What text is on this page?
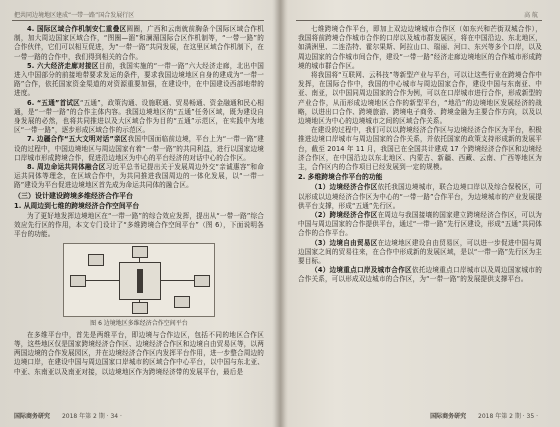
把共同边境地区建成“一带一路”国合发展行区

4. 国际区域合作机制安仁重叠区圆圈，广西和云南就前胸条个国际区域合作机制，加大周边国家区域合作，“图圈—湄”和澜湄国际合区作机制等，“一带一路”的合作伙伴，它们可以相互促进，为“一带一路”共同发展，在这里区域合作机制下，在一带一路的合作中，我们得到相关的合作。

5. 六大经济走廊对接区目前，我国实施的“一带一路”六大经济走廊，北出中国进入中国部分的前接地带要求发运的条件，要求我国边境地区自身的建成为“一带一路”合作，依托国家资金渠道的对资源重要加强，在建设中，在中国建设西部地带的进度。

6. “五通”首试区“五通”，政策沟通、设施联通、贸易畅通、资金融通和民心相通，是“一带一路”的合作主体内容。我国边境地区的“五通”任务区域，既为建设自身发展的必然，也将共同推进以及大区域合作为目的“五通”示范区，在实践中为地区“一带一路”，逐步形成区域合作的示范区。

7. 边疆合作“五大文明对话”亲区我国中国面临前边境，平台上为“一带一路”建设的过程中，中国边境地区与周边国家有着“一带一路”的共同利益，进行以国家边境口岸城市形成跨境合作，促进沿边地区为中心的平台经济的对话中心的合作区。

8. 周边命运共同体融合区习近平总书记提出关于发展周边外交“亲诚惠容”和命运共同体等理念，在区域合作中，为共同推进我国周边的一体化发展，以“一带一路”建设为平台促进边境地区首先成为命运共同体的融合区。

（三）设计建设跨境多维经济合作平台
1. 从周边到七维的跨境经济合作空间平台

为了更好地发挥边境地区在“一带一路”的综合效应发挥，提出从“一带一路”综合效应先行区的作用，本文专门设计了“多维跨境合作空间平台”（图 6），下面说明各平台的功能。

图 6 边境地区多维经济合作空间平台

在多维平台中，首先是两维平台，即边境与合作边区，包括不同的地区合作区等，这些地区仅是国家跨境经济合作区、边境经济合作区和边境自由贸易区等，以两两国边境的合作发展园区，并在边境经济合作区内发挥平台作用，进一步整合周边的边境口岸，在建设中国与周边国家口岸城市的区域合作中心平台，以中国与东北亚、中亚、东南亚以及南亚对接，以边境地区作为跨境经济带的发展平台，最后是

国际商务研究 2018 年第 2 期 · 34 ·
高 航

七维跨境合作平台，即加上双边边境城市合作区（如东兴和芒街双城合作），我国将前跨境合作城市合作的口岸以及城市群发展区，将在中国沿边、东北地区，如满洲里、二连浩特、霍尔果斯、阿拉山口、瑞丽、河口、东兴等多个口岸，以及周边国家的合作城市间合作，建设“一带一路”经济走廊边境地区的合作城市形成跨境的城市群合作区。

将我国将“互联网、云科技”等新型产业与平台，可以让这些行业在跨境合作中发挥，在国际合作中，我国的中心城市与周边国家合作，建设中国与东南亚、中亚、南亚，以中国同周边国家的合作为例，可以在口岸城市进行合作，形成新型的产业合作，从而形成边境地区合作的新型平台，“地沿”的边境地区发展经济的战略，以进出口合作、跨境旅游、跨境电子商务、跨境金融为主要合作方向，以及以边境地区为中心的边境城市之间的区域合作关系。

在建设的过程中，我们可以以跨境经济合作区与边境经济合作区为平台，积极推进边境口岸城市与周边国家的合作关系，并依托国家的政策支持形成新的发展平台，截至 2014 年 11 月，我国已在全国共计建成 17 个跨境经济合作区和边境经济合作区，在中国沿边以东北地区、内蒙古、新疆、西藏、云南、广西等地区为主，合作区内的合作项目已经发展到一定的规模。

2. 多维跨境合作平台的功能

（1）边境经济合作区依托我国边境城市，联合边境口岸以及综合保税区，可以形成以边境经济合作区为中心的“一带一路”合作平台，为边境城市的产业发展提供平台支撑，形成“五通”先行区。

（2）跨境经济合作区在周边与我国接壤的国家建立跨境经济合作区，可以为中国与周边国家的合作提供平台，通过“一带一路”先行区建设，形成“五通”共同体合作的合作平台。

（3）边境自由贸易区在边境地区建设自由贸易区，可以进一步促进中国与周边国家之间的贸易往来，在合作中形成新的发展区域，是以“一带一路”先行区为主要目标。

（4）边境重点口岸及城市合作区依托边境重点口岸城市以及周边国家城市的合作关系，可以形成双边城市的合作区，为“一带一路”的发展提供支撑平台。

国际商务研究 2018 年第 2 期 · 35 ·
